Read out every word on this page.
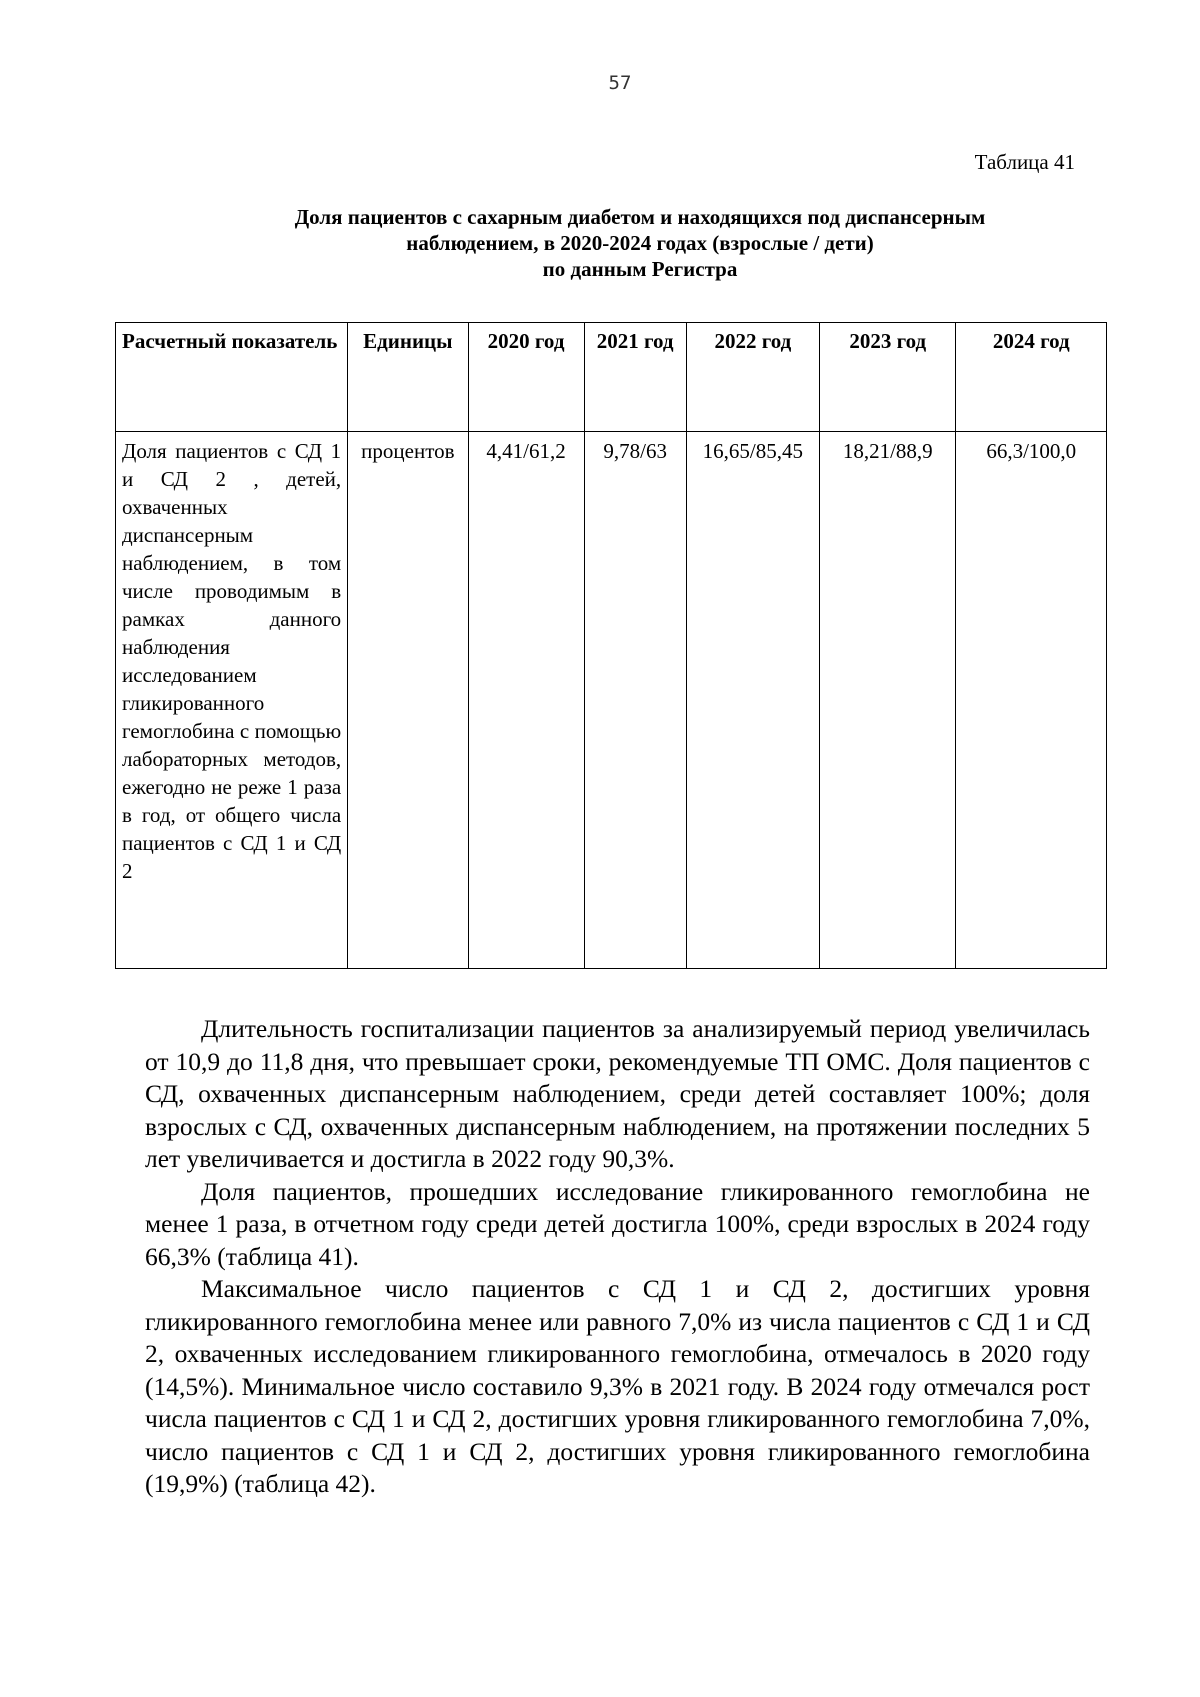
57
Таблица 41
Доля пациентов с сахарным диабетом и находящихся под диспансерным
наблюдением, в 2020-2024 годах (взрослые / дети)
по данным Регистра
Расчетный показатель	Единицы	2020 год	2021 год	2022 год	2023 год	2024 год
Доля пациентов с СД 1 и СД 2 , детей, охваченных диспансерным наблюдением, в том числе проводимым в рамках данного наблюдения исследованием гликированного гемоглобина с помощью лабораторных методов, ежегодно не реже 1 раза в год, от общего числа пациентов с СД 1 и СД 2	процентов	4,41/61,2	9,78/63	16,65/85,45	18,21/88,9	66,3/100,0

Длительность госпитализации пациентов за анализируемый период увеличилась от 10,9 до 11,8 дня, что превышает сроки, рекомендуемые ТП ОМС. Доля пациентов с СД, охваченных диспансерным наблюдением, среди детей составляет 100%; доля взрослых с СД, охваченных диспансерным наблюдением, на протяжении последних 5 лет увеличивается и достигла в 2022 году 90,3%.

Доля пациентов, прошедших исследование гликированного гемоглобина не менее 1 раза, в отчетном году среди детей достигла 100%, среди взрослых в 2024 году 66,3% (таблица 41).

Максимальное число пациентов с СД 1 и СД 2, достигших уровня гликированного гемоглобина менее или равного 7,0% из числа пациентов с СД 1 и СД 2, охваченных исследованием гликированного гемоглобина, отмечалось в 2020 году (14,5%). Минимальное число составило 9,3% в 2021 году. В 2024 году отмечался рост числа пациентов с СД 1 и СД 2, достигших уровня гликированного гемоглобина 7,0%, число пациентов с СД 1 и СД 2, достигших уровня гликированного гемоглобина (19,9%) (таблица 42).
